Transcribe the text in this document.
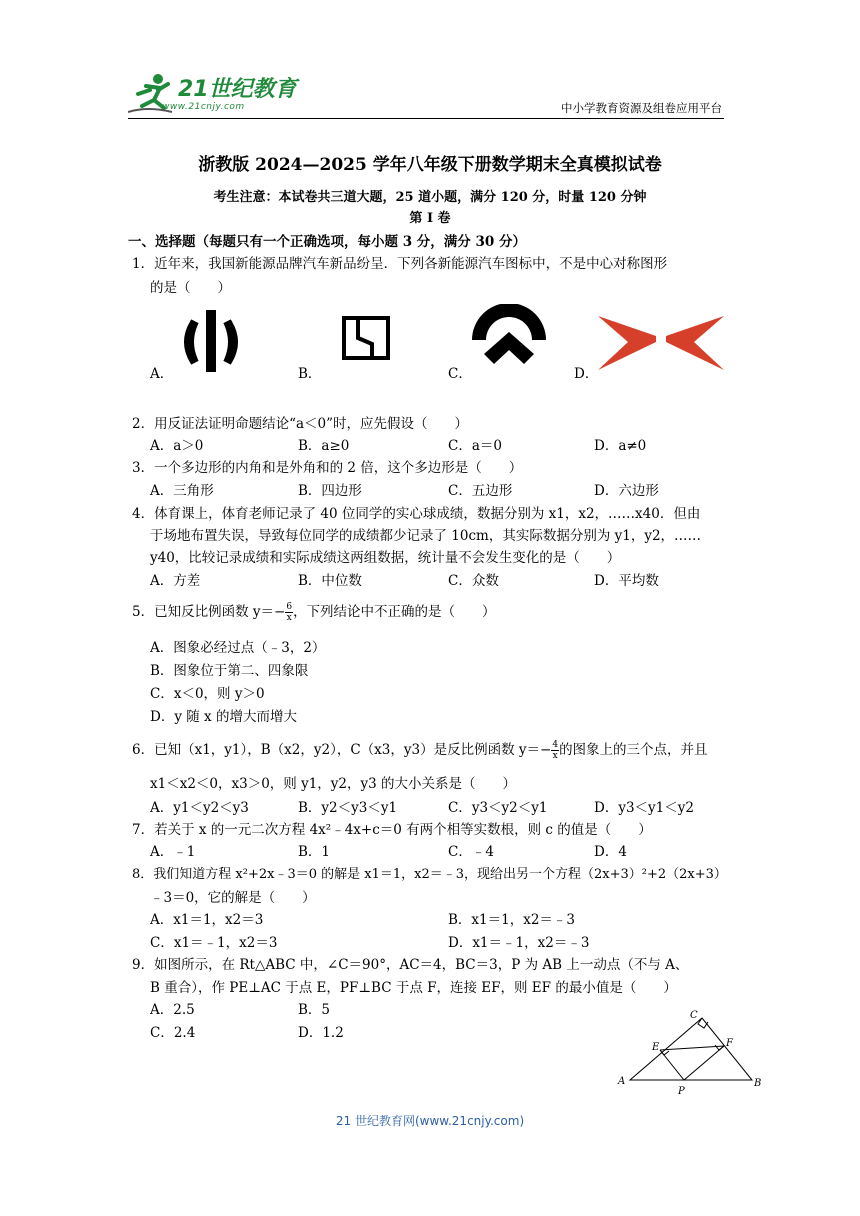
21世纪教育
www.21cnjy.com	中小学教育资源及组卷应用平台
浙教版 2024—2025 学年八年级下册数学期末全真模拟试卷
考生注意：本试卷共三道大题，25 道小题，满分 120 分，时量 120 分钟
第 I 卷
一、选择题（每题只有一个正确选项，每小题 3 分，满分 30 分）
1．近年来，我国新能源品牌汽车新品纷呈．下列各新能源汽车图标中，不是中心对称图形
的是（　　）
A．	B．	C．	D．
2．用反证法证明命题结论“a＜0”时，应先假设（　　）
A．a＞0	B．a≥0	C．a＝0	D．a≠0
3．一个多边形的内角和是外角和的 2 倍，这个多边形是（　　）
A．三角形	B．四边形	C．五边形	D．六边形
4．体育课上，体育老师记录了 40 位同学的实心球成绩，数据分别为 x1，x2，……x40．但由
于场地布置失误，导致每位同学的成绩都少记录了 10cm，其实际数据分别为 y1，y2，……
y40，比较记录成绩和实际成绩这两组数据，统计量不会发生变化的是（　　）
A．方差	B．中位数	C．众数	D．平均数
5．已知反比例函数 $y=- \frac{6}{x}$ ，下列结论中不正确的是（　　）
A．图象必经过点（﹣3，2）
B．图象位于第二、四象限
C．x＜0，则 y＞0
D．y 随 x 的增大而增大
6．已知（x1，y1），B（x2，y2），C（x3，y3）是反比例函数 $y=- \frac{4}{x}$ 的图象上的三个点，并且
x1＜x2＜0，x3＞0，则 y1，y2，y3 的大小关系是（　　）
A．y1＜y2＜y3	B．y2＜y3＜y1	C．y3＜y2＜y1	D．y3＜y1＜y2
7．若关于 x 的一元二次方程 4x²﹣4x+c＝0 有两个相等实数根，则 c 的值是（　　）
A．﹣1	B．1	C．﹣4	D．4
8．我们知道方程 x²+2x﹣3＝0 的解是 x1＝1，x2＝﹣3，现给出另一个方程（2x+3）²+2（2x+3）
﹣3＝0，它的解是（　　）
A．x1＝1，x2＝3	B．x1＝1，x2＝﹣3
C．x1＝﹣1，x2＝3	D．x1＝﹣1，x2＝﹣3
9．如图所示，在 Rt△ABC 中，∠C＝90°，AC＝4，BC＝3，P 为 AB 上一动点（不与 A、
B 重合），作 PE⊥AC 于点 E，PF⊥BC 于点 F，连接 EF，则 EF 的最小值是（　　）
A．2.5	B．5
C．2.4	D．1.2
C
E	F
A
P
B
21 世纪教育网(www.21cnjy.com)
